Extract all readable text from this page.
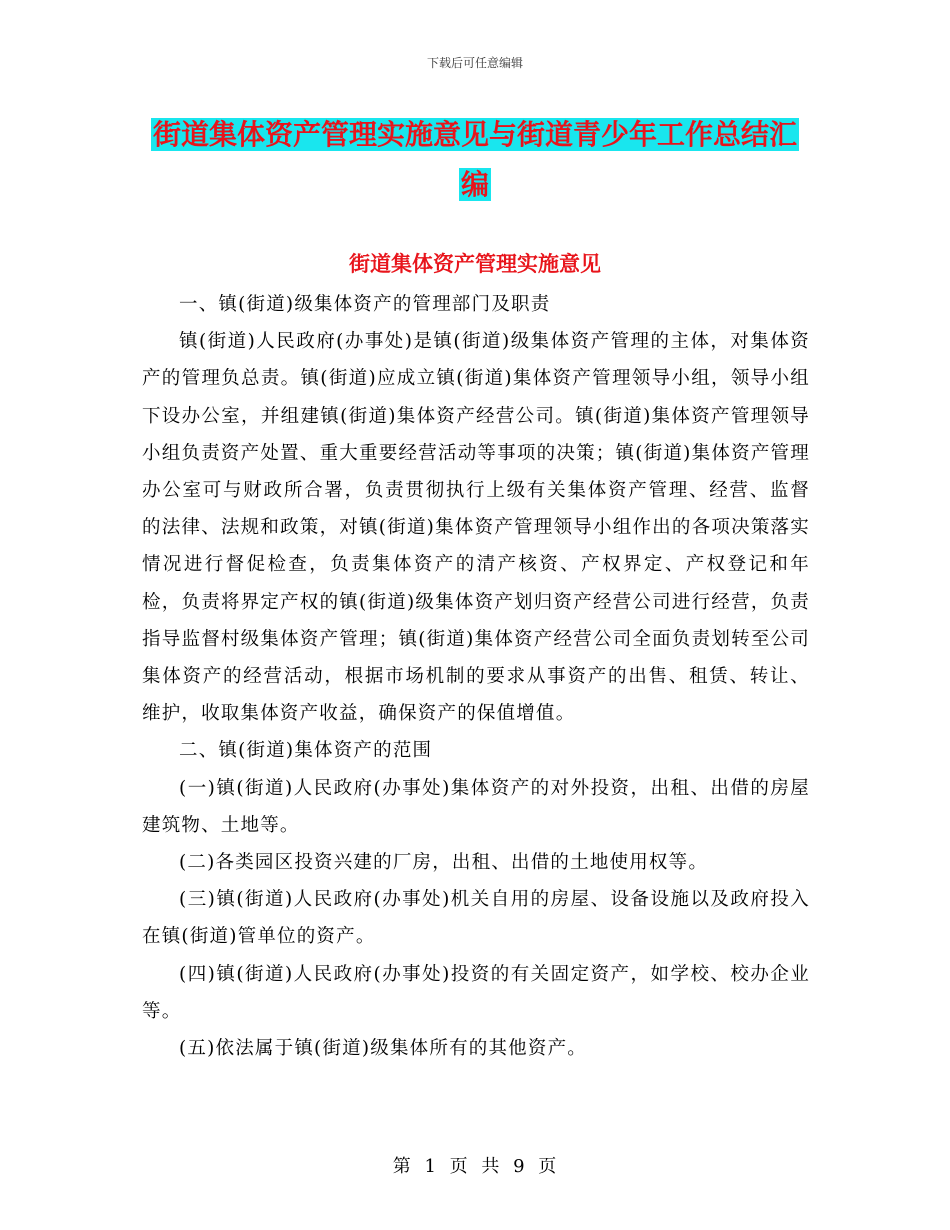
下载后可任意编辑
街道集体资产管理实施意见与街道青少年工作总结汇
编
街道集体资产管理实施意见

一、镇(街道)级集体资产的管理部门及职责

镇(街道)人民政府(办事处)是镇(街道)级集体资产管理的主体，对集体资产的管理负总责。镇(街道)应成立镇(街道)集体资产管理领导小组，领导小组下设办公室，并组建镇(街道)集体资产经营公司。镇(街道)集体资产管理领导小组负责资产处置、重大重要经营活动等事项的决策；镇(街道)集体资产管理办公室可与财政所合署，负责贯彻执行上级有关集体资产管理、经营、监督的法律、法规和政策，对镇(街道)集体资产管理领导小组作出的各项决策落实情况进行督促检查，负责集体资产的清产核资、产权界定、产权登记和年检，负责将界定产权的镇(街道)级集体资产划归资产经营公司进行经营，负责指导监督村级集体资产管理；镇(街道)集体资产经营公司全面负责划转至公司集体资产的经营活动，根据市场机制的要求从事资产的出售、租赁、转让、维护，收取集体资产收益，确保资产的保值增值。

二、镇(街道)集体资产的范围

(一)镇(街道)人民政府(办事处)集体资产的对外投资，出租、出借的房屋建筑物、土地等。

(二)各类园区投资兴建的厂房，出租、出借的土地使用权等。

(三)镇(街道)人民政府(办事处)机关自用的房屋、设备设施以及政府投入在镇(街道)管单位的资产。

(四)镇(街道)人民政府(办事处)投资的有关固定资产，如学校、校办企业等。

(五)依法属于镇(街道)级集体所有的其他资产。

第 1 页 共 9 页
